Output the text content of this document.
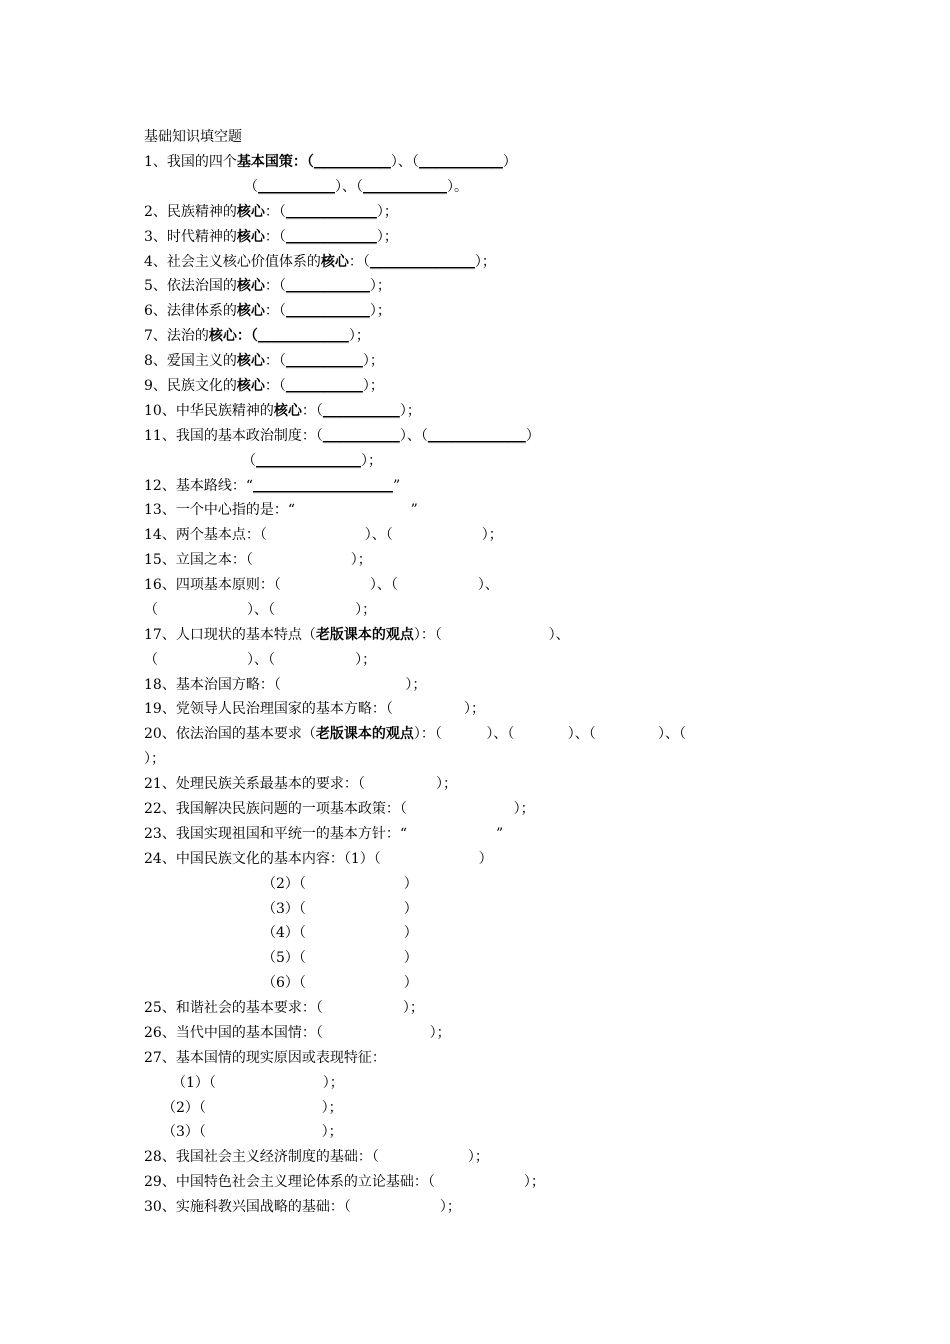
基础知识填空题
1、我国的四个基本国策：（___________）、（____________）
（___________）、（____________）。
2、民族精神的核心：（_____________）；
3、时代精神的核心：（_____________）；
4、社会主义核心价值体系的核心：（_______________）；
5、依法治国的核心：（____________）；
6、法律体系的核心：（____________）；
7、法治的核心：（_____________）；
8、爱国主义的核心：（___________）；
9、民族文化的核心：（___________）；
10、中华民族精神的核心：（___________）；
11、我国的基本政治制度：（___________）、（______________）
（_______________）；
12、基本路线：“____________________”
13、一个中心指的是：“                          ”
14、两个基本点：（                      ）、（                    ）；
15、立国之本：（                      ）；
16、四项基本原则：（                    ）、（                  ）、
（                    ）、（                  ）；
17、人口现状的基本特点（老版课本的观点）：（                        ）、
（                    ）、（                  ）；
18、基本治国方略：（                            ）；
19、党领导人民治理国家的基本方略：（                ）；
20、依法治国的基本要求（老版课本的观点）：（          ）、（            ）、（              ）、（
）；
21、处理民族关系最基本的要求：（                ）；
22、我国解决民族问题的一项基本政策：（                        ）；
23、我国实现祖国和平统一的基本方针：“                    ”
24、中国民族文化的基本内容：（1）（                      ）
（2）（                      ）
（3）（                      ）
（4）（                      ）
（5）（                      ）
（6）（                      ）
25、和谐社会的基本要求：（                  ）；
26、当代中国的基本国情：（                        ）；
27、基本国情的现实原因或表现特征：
（1）（                        ）；
（2）（                          ）；
（3）（                          ）；
28、我国社会主义经济制度的基础：（                    ）；
29、中国特色社会主义理论体系的立论基础：（                    ）；
30、实施科教兴国战略的基础：（                    ）；
